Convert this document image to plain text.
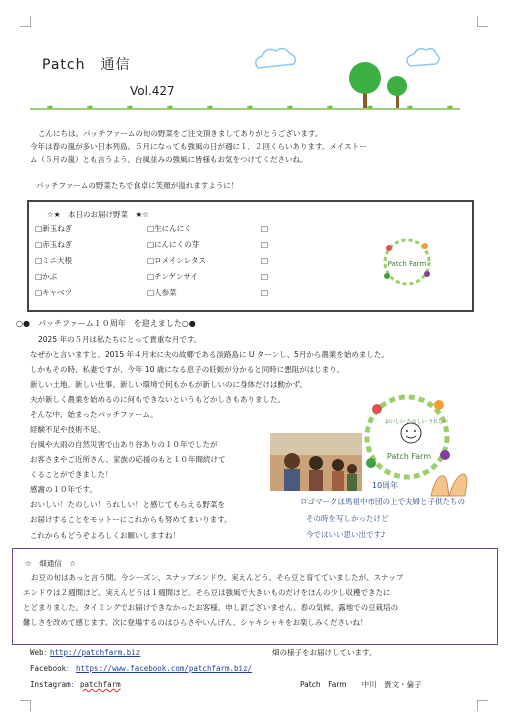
Patch　通信
Vol.427
こんにちは。パッチファームの旬の野菜をご注文頂きましてありがとうございます。
今年は春の嵐が多い日本列島。５月になっても強風の日が週に１．２回くらいあります。メイストー
ム（５月の嵐）とも言うよう。台風並みの強風に皆様もお気をつけてくださいね。
パッチファームの野菜たちで食卓に笑顔が溢れますように！
☆★　本日のお届け野菜　★☆
□新玉ねぎ
□赤玉ねぎ
□ミニ大根
□かぶ
□キャベツ
□生にんにく
□にんにくの芽
□ロメインレタス
□チンゲンサイ
□人参菜
□
□
□
□
□
Patch Farm
○●　パッチファーム１０周年　を迎えました○●
2025 年の５月は私たちにとって貴重な月です。
なぜかと言いますと、2015 年４月末に夫の故郷である淡路島に U ターンし、5月から農業を始めました。
しかもその時、私妻ですが、今年 10 歳になる息子の妊娠が分かると同時に悪阻がはじまり、
新しい土地、新しい仕事、新しい環境で何もかもが新しいのに身体だけは動かず、
夫が新しく農業を始めるのに何もできないというもどかしさもありました。
そんな中、始まったパッチファーム。
経験不足や技術不足、
台風や大雨の自然災害で山あり谷ありの１０年でしたが
お客さまやご近所さん、家族の応援のもと１０年間続けて
くることができました！
感謝の１０年です。
おいしい！たのしい！うれしい！と感じてもらえる野菜を
お届けすることをモットーにこれからも努めてまいります。
これからもどうぞよろしくお願いしますね！
Patch Farm
おいしい たのしい うれしい
10周年
ロゴマークは馬祖中市団の上で夫婦と子供たちの
その時を写しかったけど
今ではいい思い出です♪
☆　畑通信　☆
お豆の旬はあっと言う間。今シーズン、スナップエンドウ、実えんどう、そら豆と育てていましたが、スナップ
エンドウは２週間ほど。実えんどうは１週間ほど。そら豆は強風で大きいものだけをほんの少し収穫できたに
とどまりました。タイミングでお届けできなかったお客様、申し訳ございません。春の気候、露地での豆栽培の
難しさを改めて感じます。次に登場するのはひらさやいんげん。シャキシャキをお楽しみくださいね！
Web：
http://patchfarm.biz	畑の様子をお届けしています。
Facebook： https://www.facebook.com/patchfarm.biz/
Instagram： patchfarm	Patch　Farm　　中川　貴文・倫子
